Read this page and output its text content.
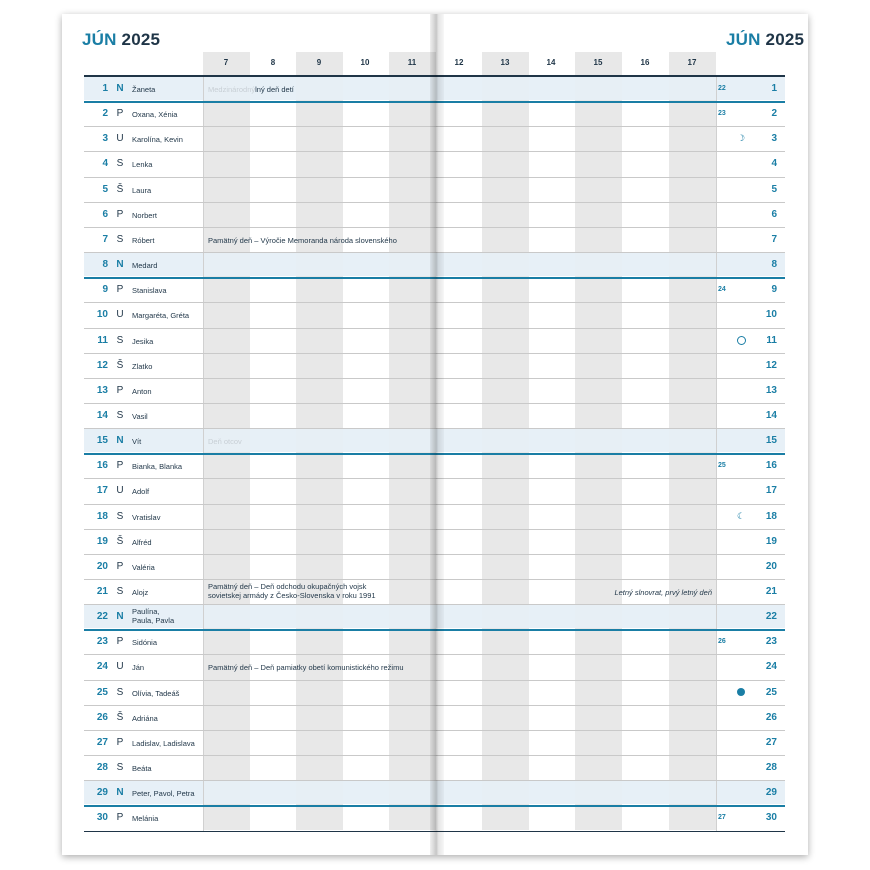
JÚN 2025	JÚN 2025
7	8	9	10	11	12	13	14	15	16	17
1 N	Žaneta	Medzinárodnýlný deň detí	22	1
2 P	Oxana, Xénia	23	2
3 U	Karolína, Kevin	☽	3
4 S	Lenka	4
5 Š	Laura	5
6 P	Norbert	6
7 S	Róbert	Pamätný deň – Výročie Memoranda národa slovenského	7
8 N	Medard	8
9 P	Stanislava	24	9
10 U	Margaréta, Gréta	10
11 S	Jesika	11
12 Š	Zlatko	12
13 P	Anton	13
14 S	Vasil	14
15 N	Vít	Deň otcov	15
16 P	Bianka, Blanka	25	16
17 U	Adolf	17
18 S	Vratislav	☾ 18
19 Š	Alfréd	19
20 P	Valéria	20
21 S	Alojz
Pamätný deň – Deň odchodu okupačných vojsk
sovietskej armády z Česko-Slovenska v roku 1991	Letný slnovrat, prvý letný deň	21
22 N	Paulína,
Paula, Pavla	22
23 P	Sidónia	26	23
24 U	Ján	Pamätný deň – Deň pamiatky obetí komunistického režimu	24
25 S	Olívia, Tadeáš	25
26 Š	Adriána	26
27 P	Ladislav, Ladislava	27
28 S	Beáta	28
29 N	Peter, Pavol, Petra	29
30 P	Melánia	27	30
